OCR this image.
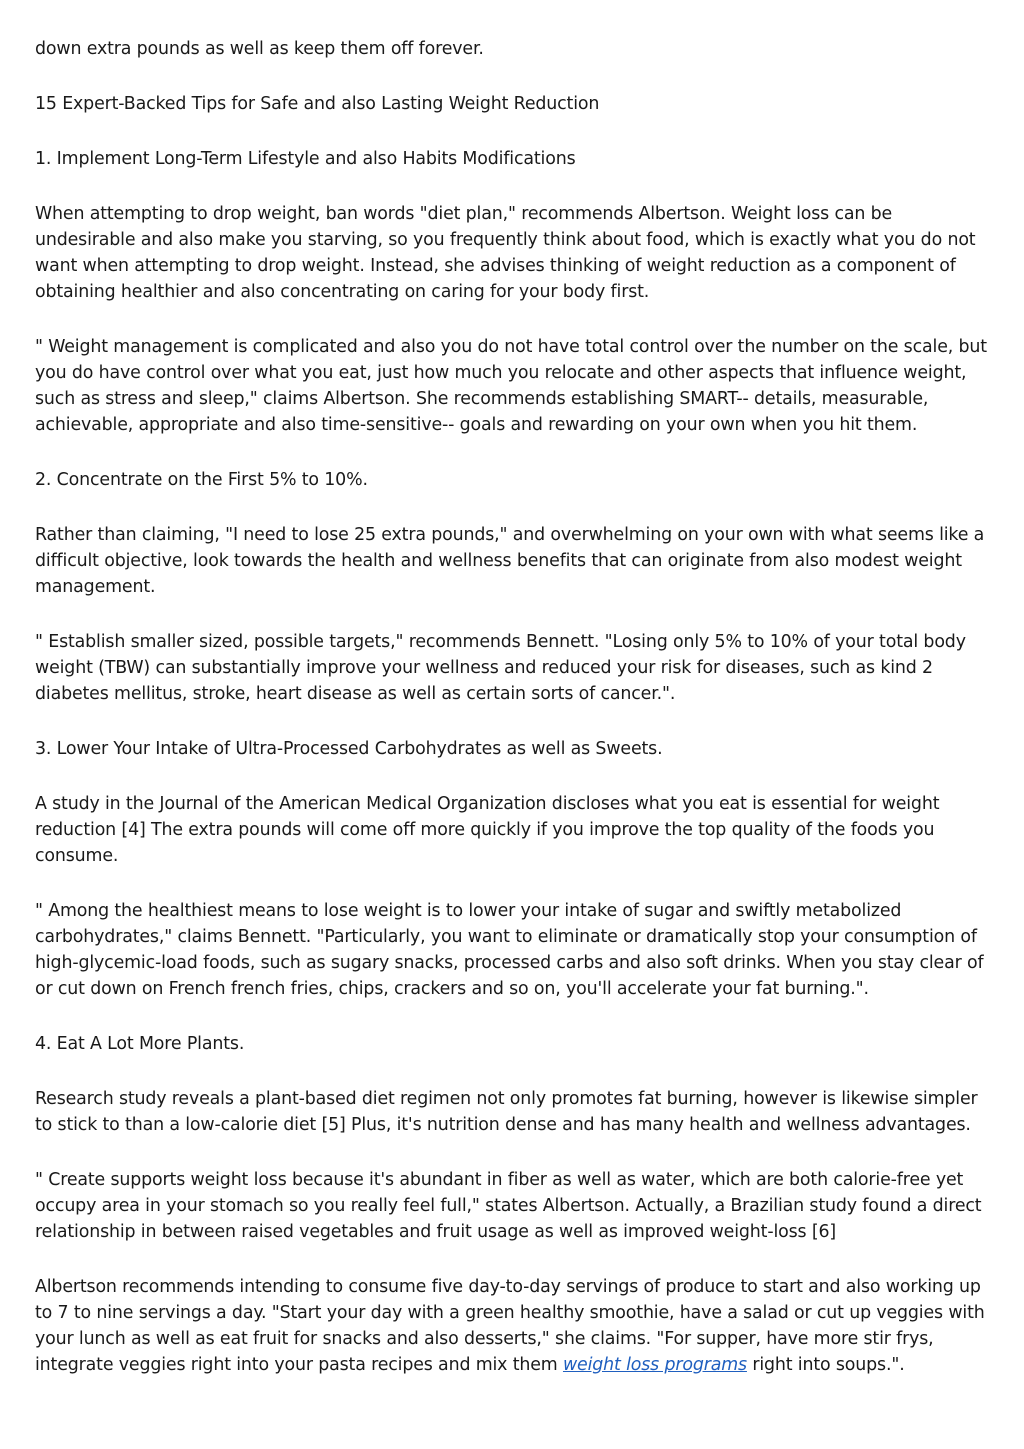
down extra pounds as well as keep them off forever.

15 Expert-Backed Tips for Safe and also Lasting Weight Reduction

1. Implement Long-Term Lifestyle and also Habits Modifications

When attempting to drop weight, ban words "diet plan," recommends Albertson. Weight loss can be undesirable and also make you starving, so you frequently think about food, which is exactly what you do not want when attempting to drop weight. Instead, she advises thinking of weight reduction as a component of obtaining healthier and also concentrating on caring for your body first.

" Weight management is complicated and also you do not have total control over the number on the scale, but you do have control over what you eat, just how much you relocate and other aspects that influence weight, such as stress and sleep," claims Albertson. She recommends establishing SMART-- details, measurable, achievable, appropriate and also time-sensitive-- goals and rewarding on your own when you hit them.

2. Concentrate on the First 5% to 10%.

Rather than claiming, "I need to lose 25 extra pounds," and overwhelming on your own with what seems like a difficult objective, look towards the health and wellness benefits that can originate from also modest weight management.

" Establish smaller sized, possible targets," recommends Bennett. "Losing only 5% to 10% of your total body weight (TBW) can substantially improve your wellness and reduced your risk for diseases, such as kind 2 diabetes mellitus, stroke, heart disease as well as certain sorts of cancer.".

3. Lower Your Intake of Ultra-Processed Carbohydrates as well as Sweets.

A study in the Journal of the American Medical Organization discloses what you eat is essential for weight reduction [4] The extra pounds will come off more quickly if you improve the top quality of the foods you consume.

" Among the healthiest means to lose weight is to lower your intake of sugar and swiftly metabolized carbohydrates," claims Bennett. "Particularly, you want to eliminate or dramatically stop your consumption of high-glycemic-load foods, such as sugary snacks, processed carbs and also soft drinks. When you stay clear of or cut down on French french fries, chips, crackers and so on, you'll accelerate your fat burning.".

4. Eat A Lot More Plants.

Research study reveals a plant-based diet regimen not only promotes fat burning, however is likewise simpler to stick to than a low-calorie diet [5] Plus, it's nutrition dense and has many health and wellness advantages.

" Create supports weight loss because it's abundant in fiber as well as water, which are both calorie-free yet occupy area in your stomach so you really feel full," states Albertson. Actually, a Brazilian study found a direct relationship in between raised vegetables and fruit usage as well as improved weight-loss [6]

Albertson recommends intending to consume five day-to-day servings of produce to start and also working up to 7 to nine servings a day. "Start your day with a green healthy smoothie, have a salad or cut up veggies with your lunch as well as eat fruit for snacks and also desserts," she claims. "For supper, have more stir frys, integrate veggies right into your pasta recipes and mix them weight loss programs right into soups.".
